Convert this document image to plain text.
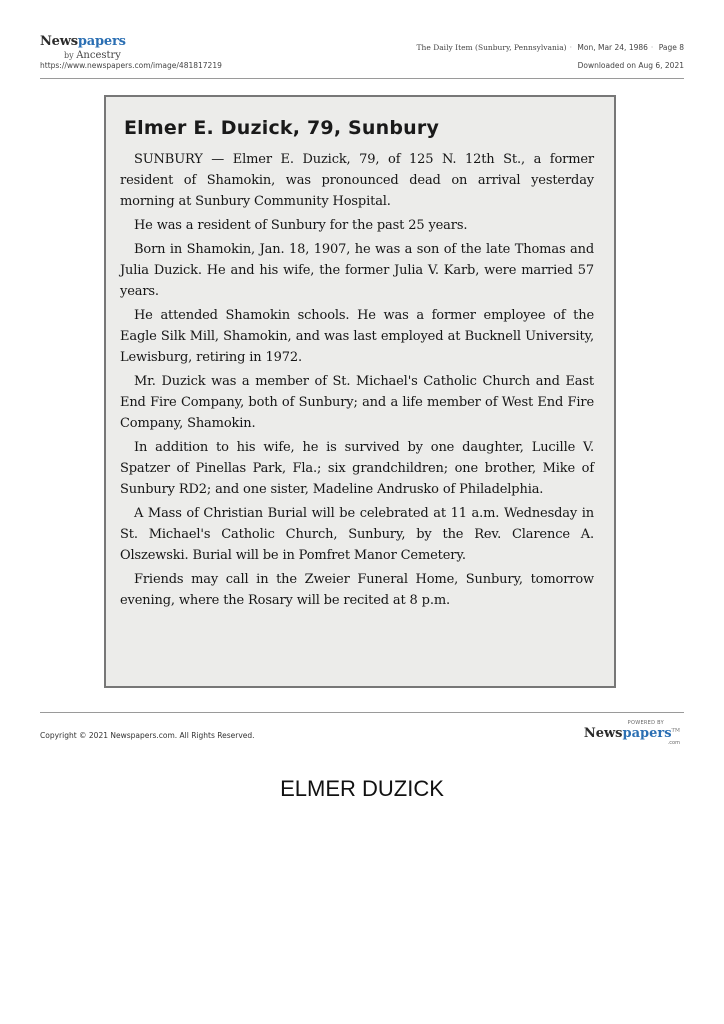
Newspapers
by Ancestry
https://www.newspapers.com/image/481817219
The Daily Item (Sunbury, Pennsylvania) · Mon, Mar 24, 1986 · Page 8
Downloaded on Aug 6, 2021
Elmer E. Duzick, 79, Sunbury

SUNBURY — Elmer E. Duzick, 79, of 125 N. 12th St., a former resident of Shamokin, was pronounced dead on arrival yesterday morning at Sunbury Community Hospital.

He was a resident of Sunbury for the past 25 years.

Born in Shamokin, Jan. 18, 1907, he was a son of the late Thomas and Julia Duzick. He and his wife, the former Julia V. Karb, were married 57 years.

He attended Shamokin schools. He was a former employee of the Eagle Silk Mill, Shamokin, and was last employed at Bucknell University, Lewisburg, retiring in 1972.

Mr. Duzick was a member of St. Michael's Catholic Church and East End Fire Company, both of Sunbury; and a life member of West End Fire Company, Shamokin.

In addition to his wife, he is survived by one daughter, Lucille V. Spatzer of Pinellas Park, Fla.; six grandchildren; one brother, Mike of Sunbury RD2; and one sister, Madeline Andrusko of Philadelphia.

A Mass of Christian Burial will be celebrated at 11 a.m. Wednesday in St. Michael's Catholic Church, Sunbury, by the Rev. Clarence A. Olszewski. Burial will be in Pomfret Manor Cemetery.

Friends may call in the Zweier Funeral Home, Sunbury, tomorrow evening, where the Rosary will be recited at 8 p.m.

Copyright © 2021 Newspapers.com. All Rights Reserved.
POWERED BY
Newspapers™
.com
ELMER DUZICK
